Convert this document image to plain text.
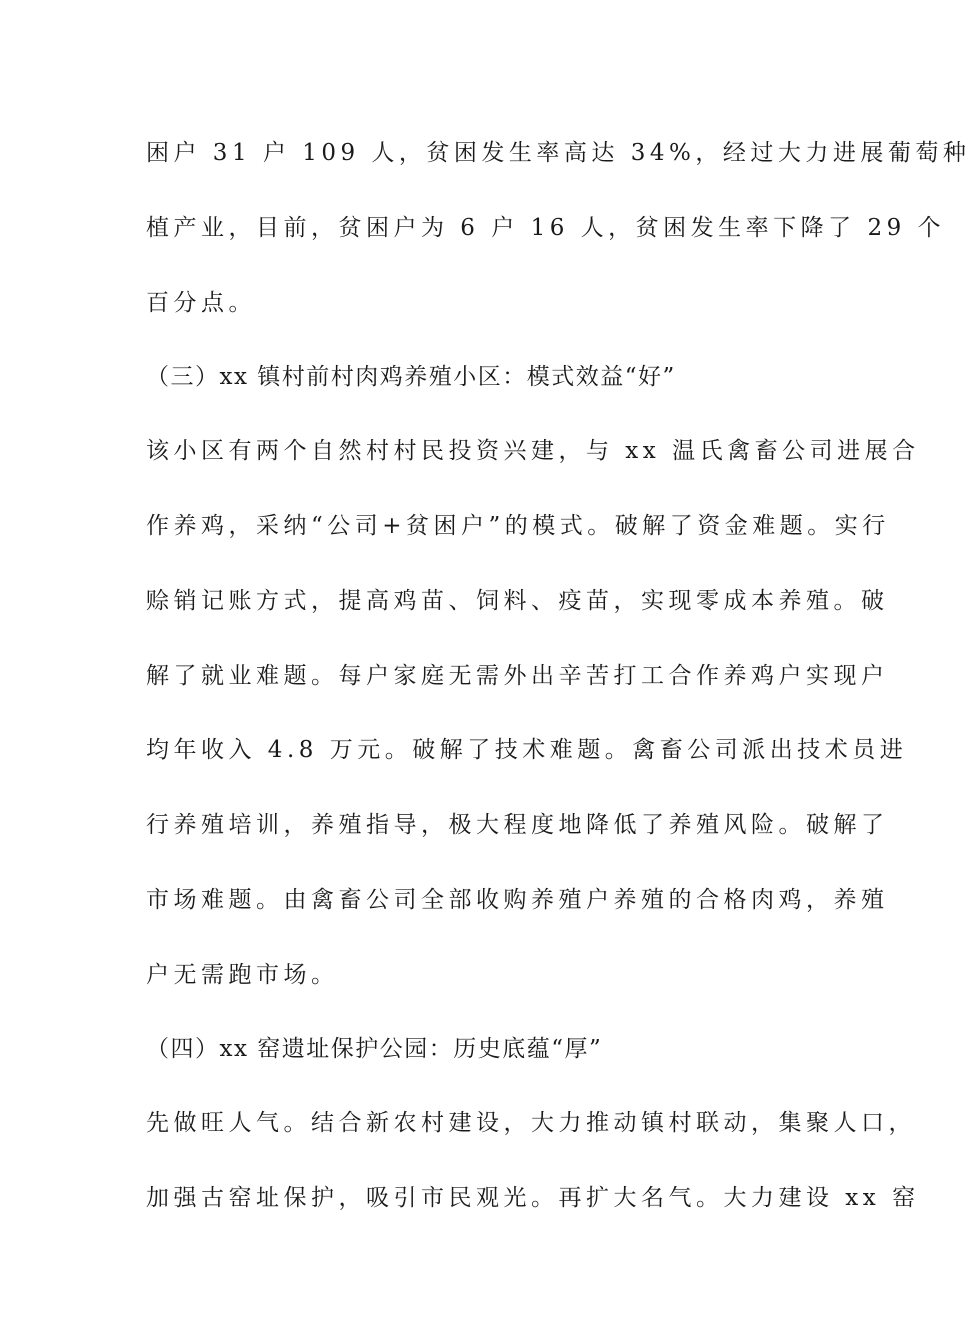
困户 31 户 109 人，贫困发生率高达 34%，经过大力进展葡萄种
植产业，目前，贫困户为 6 户 16 人，贫困发生率下降了 29 个
百分点。
（三）xx 镇村前村肉鸡养殖小区：模式效益“好”
该小区有两个自然村村民投资兴建，与 xx 温氏禽畜公司进展合
作养鸡，采纳“公司+贫困户”的模式。破解了资金难题。实行
赊销记账方式，提高鸡苗、饲料、疫苗，实现零成本养殖。破
解了就业难题。每户家庭无需外出辛苦打工合作养鸡户实现户
均年收入 4.8 万元。破解了技术难题。禽畜公司派出技术员进
行养殖培训，养殖指导，极大程度地降低了养殖风险。破解了
市场难题。由禽畜公司全部收购养殖户养殖的合格肉鸡，养殖
户无需跑市场。
（四）xx 窑遗址保护公园：历史底蕴“厚”
先做旺人气。结合新农村建设，大力推动镇村联动，集聚人口，
加强古窑址保护，吸引市民观光。再扩大名气。大力建设 xx 窑
